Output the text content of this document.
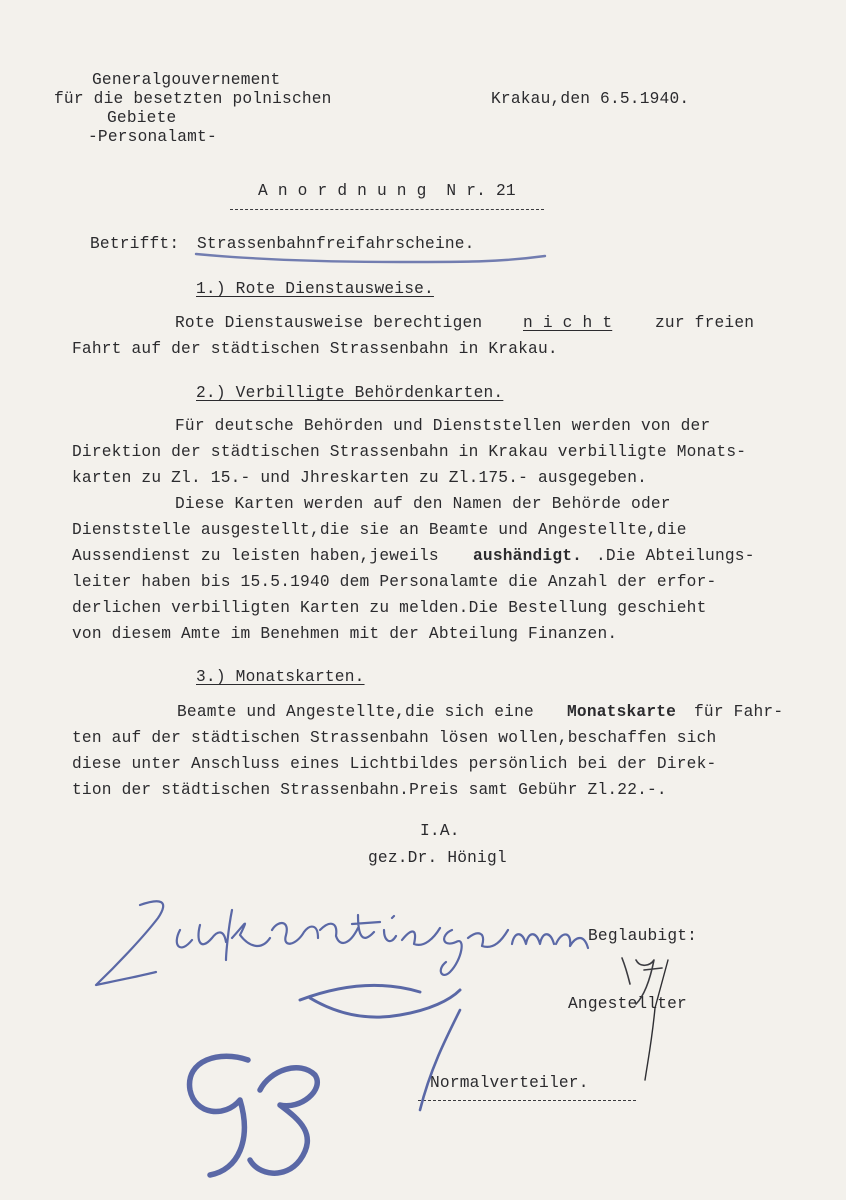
Generalgouvernement
für die besetzten polnischen
Gebiete
-Personalamt-
Krakau,den 6.5.1940.
A n o r d n u n g  N r. 21
Betrifft: Strassenbahnfreifahrscheine.
1.) Rote Dienstausweise.
Rote Dienstausweise berechtigen	n i c h t	zur freien
Fahrt auf der städtischen Strassenbahn in Krakau.
2.) Verbilligte Behördenkarten.
Für deutsche Behörden und Dienststellen werden von der
Direktion der städtischen Strassenbahn in Krakau verbilligte Monats-
karten zu Zl. 15.- und Jhreskarten zu Zl.175.- ausgegeben.
Diese Karten werden auf den Namen der Behörde oder
Dienststelle ausgestellt,die sie an Beamte und Angestellte,die
Aussendienst zu leisten haben,jeweils aushändigt. .Die Abteilungs-
leiter haben bis 15.5.1940 dem Personalamte die Anzahl der erfor-
derlichen verbilligten Karten zu melden.Die Bestellung geschieht
von diesem Amte im Benehmen mit der Abteilung Finanzen.
3.) Monatskarten.
Beamte und Angestellte,die sich eine Monatskarte für Fahr-
ten auf der städtischen Strassenbahn lösen wollen,beschaffen sich
diese unter Anschluss eines Lichtbildes persönlich bei der Direk-
tion der städtischen Strassenbahn.Preis samt Gebühr Zl.22.-.
I.A.
gez.Dr. Hönigl
Beglaubigt:
Angestellter
Normalverteiler.
